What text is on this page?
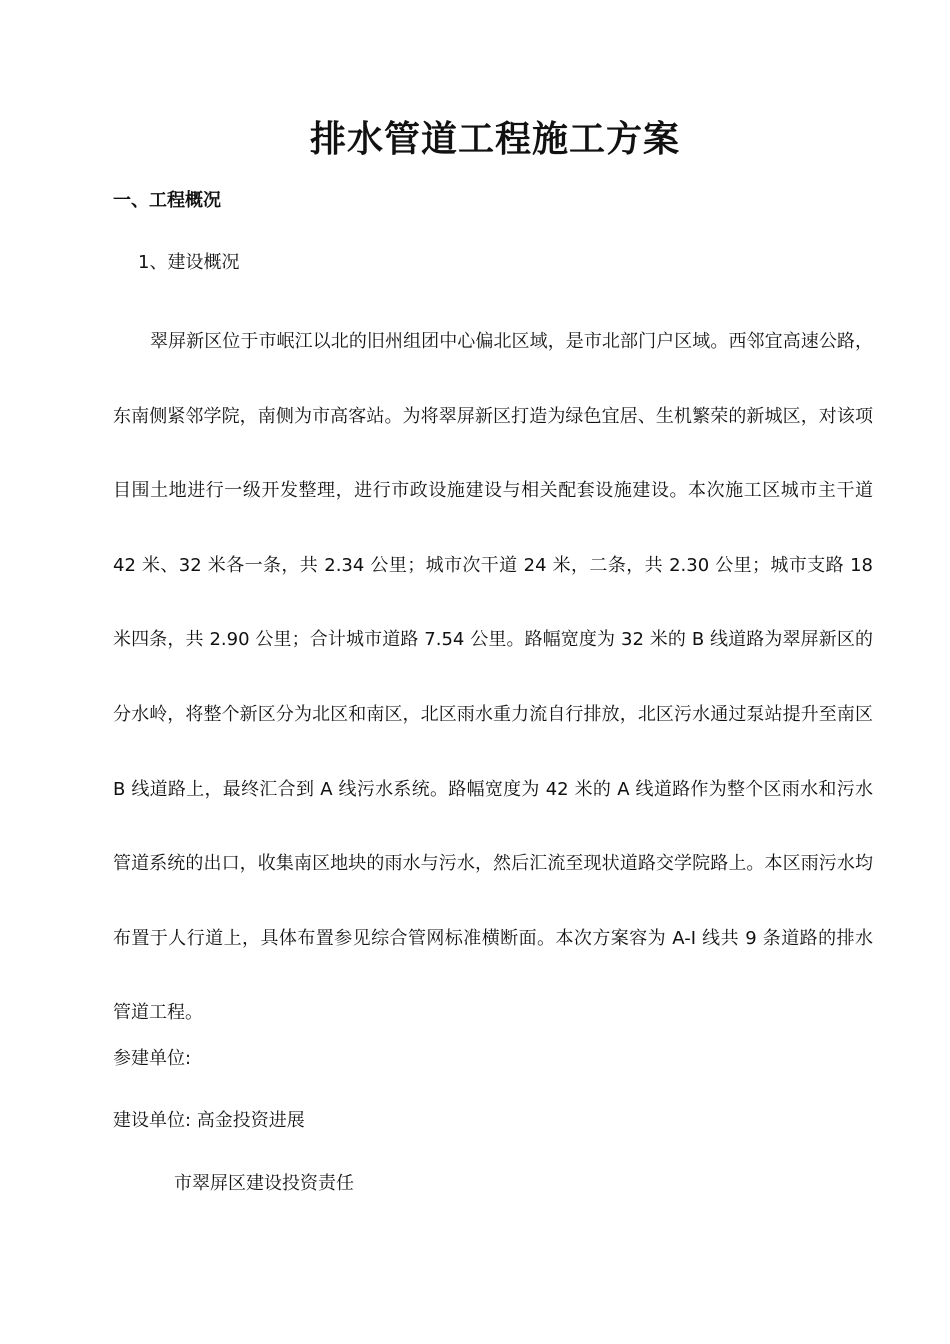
排水管道工程施工方案
一、工程概况
1、建设概况
翠屏新区位于市岷江以北的旧州组团中心偏北区域，是市北部门户区域。西邻宜高速公路，东南侧紧邻学院，南侧为市高客站。为将翠屏新区打造为绿色宜居、生机繁荣的新城区，对该项目围土地进行一级开发整理，进行市政设施建设与相关配套设施建设。本次施工区城市主干道 42 米、32 米各一条，共 2.34 公里；城市次干道 24 米，二条，共 2.30 公里；城市支路 18 米四条，共 2.90 公里；合计城市道路 7.54 公里。路幅宽度为 32 米的 B 线道路为翠屏新区的分水岭，将整个新区分为北区和南区，北区雨水重力流自行排放，北区污水通过泵站提升至南区 B 线道路上，最终汇合到 A 线污水系统。路幅宽度为 42 米的 A 线道路作为整个区雨水和污水管道系统的出口，收集南区地块的雨水与污水，然后汇流至现状道路交学院路上。本区雨污水均布置于人行道上，具体布置参见综合管网标准横断面。本次方案容为 A-I 线共 9 条道路的排水管道工程。
参建单位:
建设单位: 高金投资进展
市翠屏区建设投资责任
